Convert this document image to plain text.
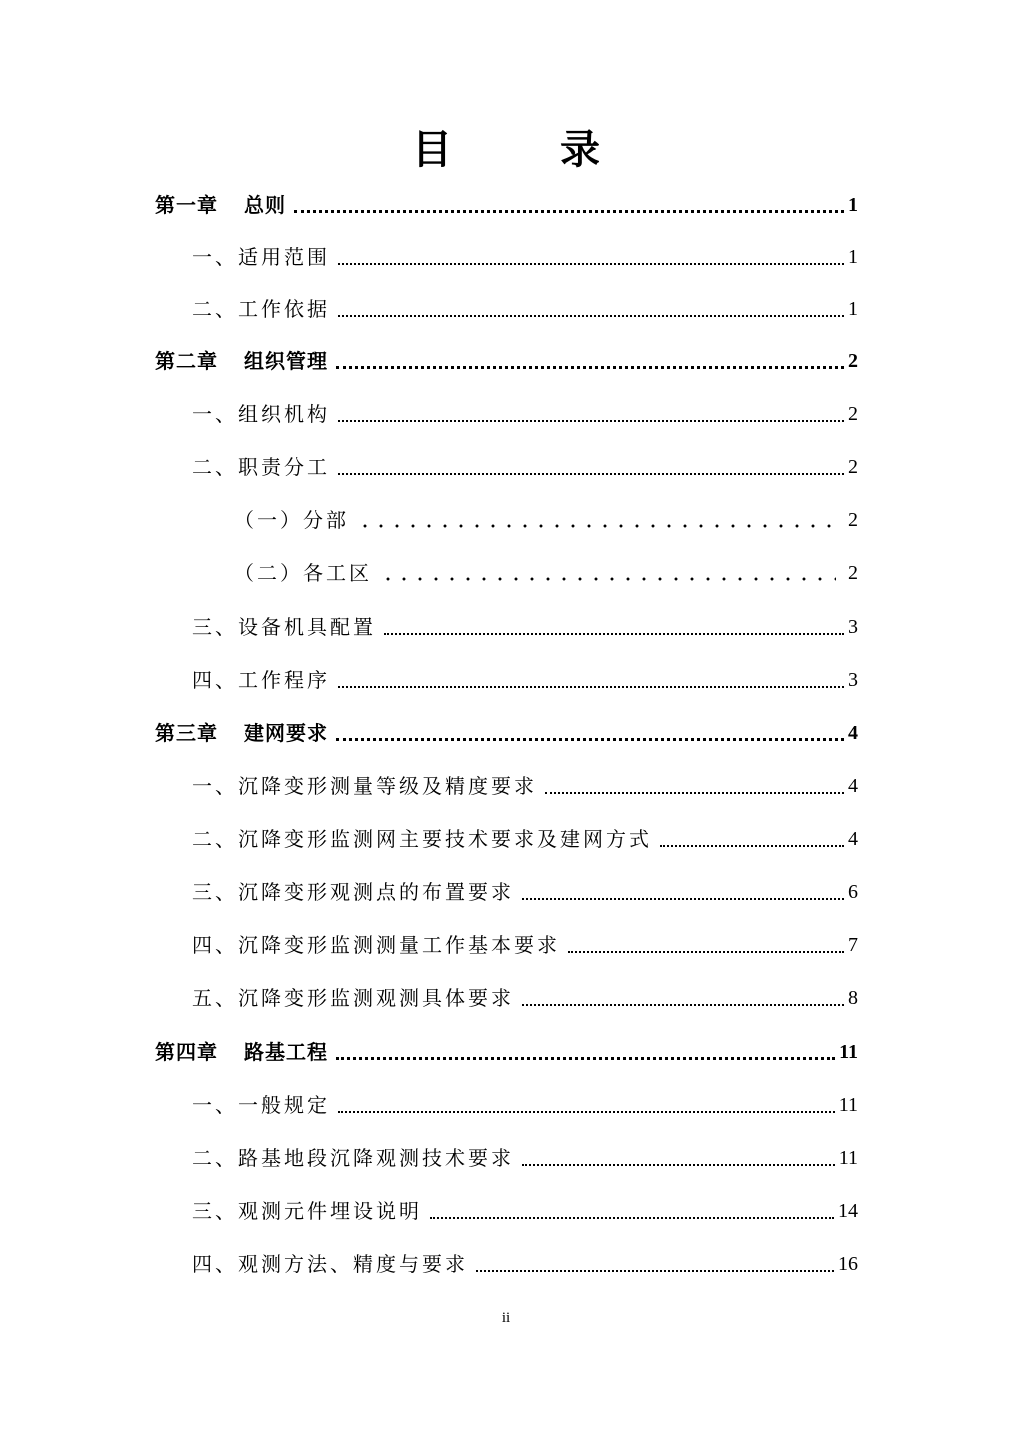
目　录
第一章 总则	1
一、适用范围	1
二、工作依据	1
第二章 组织管理	2
一、组织机构	2
二、职责分工	2
（一）分部	2
（二）各工区	2
三、设备机具配置	3
四、工作程序	3
第三章 建网要求	4
一、沉降变形测量等级及精度要求	4
二、沉降变形监测网主要技术要求及建网方式	4
三、沉降变形观测点的布置要求	6
四、沉降变形监测测量工作基本要求	7
五、沉降变形监测观测具体要求	8
第四章 路基工程	11
一、一般规定	11
二、路基地段沉降观测技术要求	11
三、观测元件埋设说明	14
四、观测方法、精度与要求	16
ii
